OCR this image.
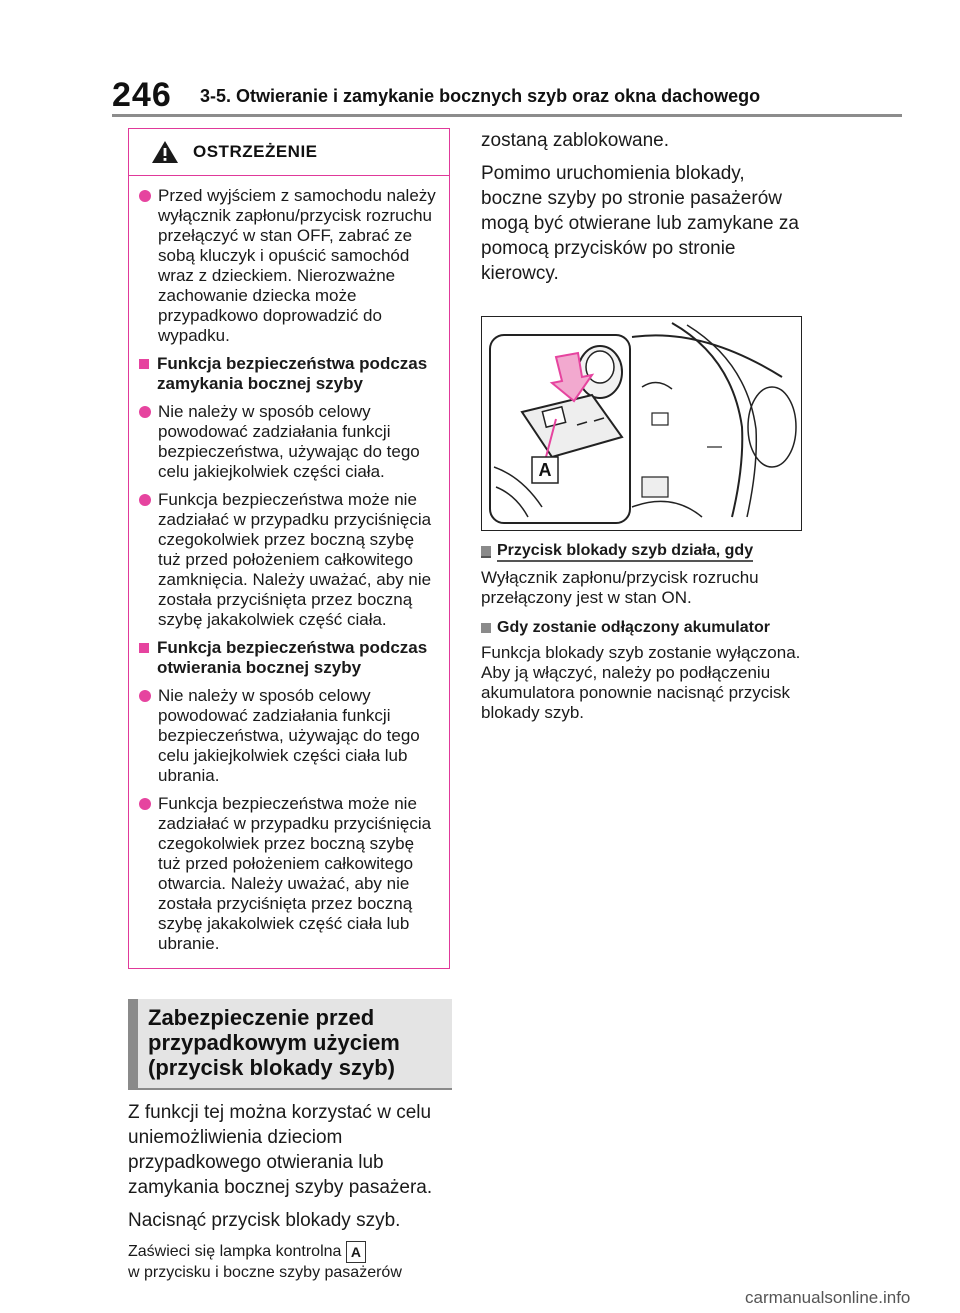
246 3-5. Otwieranie i zamykanie bocznych szyb oraz okna dachowego
OSTRZEŻENIE
Przed wyjściem z samochodu należy wyłącznik zapłonu/przycisk rozruchu przełączyć w stan OFF, zabrać ze sobą kluczyk i opuścić samochód wraz z dzieckiem. Nierozważne zachowanie dziecka może przypadkowo doprowadzić do wypadku.
Funkcja bezpieczeństwa podczas zamykania bocznej szyby
Nie należy w sposób celowy powodować zadziałania funkcji bezpieczeństwa, używając do tego celu jakiejkolwiek części ciała.
Funkcja bezpieczeństwa może nie zadziałać w przypadku przyciśnięcia czegokolwiek przez boczną szybę tuż przed położeniem całkowitego zamknięcia. Należy uważać, aby nie została przyciśnięta przez boczną szybę jakakolwiek część ciała.
Funkcja bezpieczeństwa podczas otwierania bocznej szyby
Nie należy w sposób celowy powodować zadziałania funkcji bezpieczeństwa, używając do tego celu jakiejkolwiek części ciała lub ubrania.
Funkcja bezpieczeństwa może nie zadziałać w przypadku przyciśnięcia czegokolwiek przez boczną szybę tuż przed położeniem całkowitego otwarcia. Należy uważać, aby nie została przyciśnięta przez boczną szybę jakakolwiek część ciała lub ubranie.
Zabezpieczenie przed przypadkowym użyciem (przycisk blokady szyb)

Z funkcji tej można korzystać w celu uniemożliwienia dzieciom przypadkowego otwierania lub zamykania bocznej szyby pasażera.

Nacisnąć przycisk blokady szyb.

Zaświeci się lampka kontrolna A
w przycisku i boczne szyby pasażerów

zostaną zablokowane.

Pomimo uruchomienia blokady, boczne szyby po stronie pasażerów mogą być otwierane lub zamykane za pomocą przycisków po stronie kierowcy.

A
Przycisk blokady szyb działa, gdy
Wyłącznik zapłonu/przycisk rozruchu przełączony jest w stan ON.
Gdy zostanie odłączony akumulator
Funkcja blokady szyb zostanie wyłączona. Aby ją włączyć, należy po podłączeniu akumulatora ponownie nacisnąć przycisk blokady szyb.
carmanualsonline.info
